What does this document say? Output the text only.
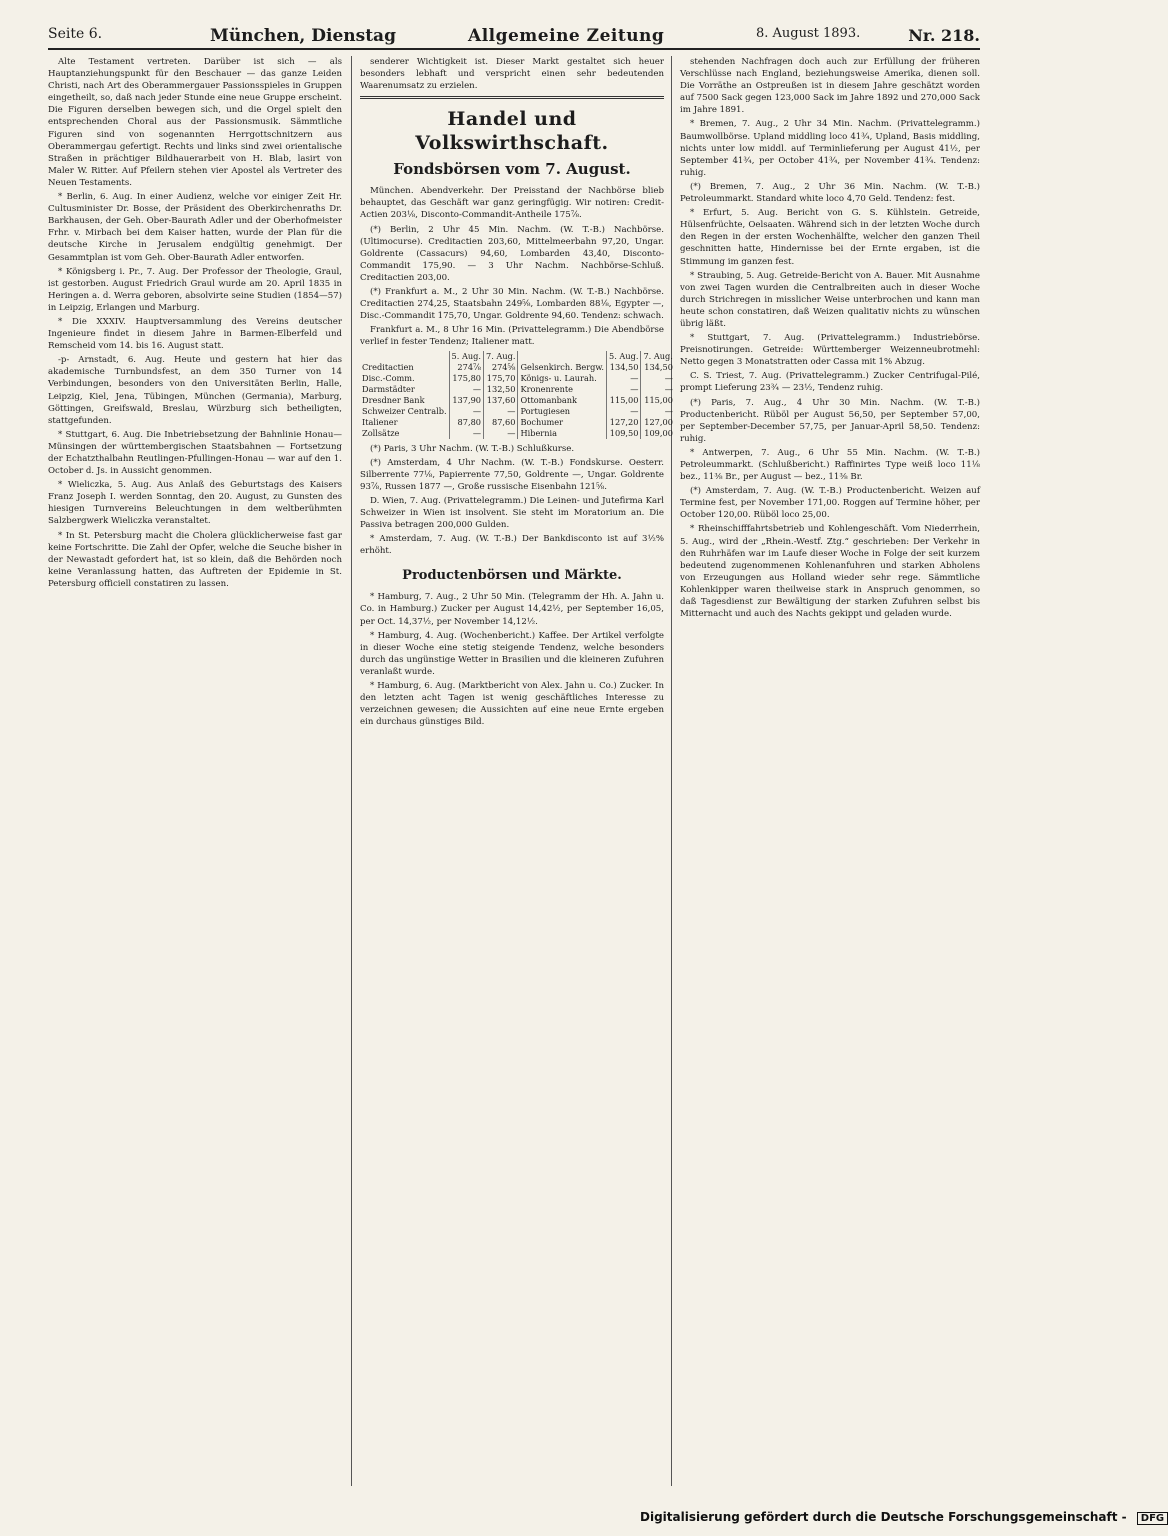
Seite 6.	München, Dienstag	Allgemeine Zeitung	8. August 1893.	Nr. 218.

Alte Testament vertreten. Darüber ist sich — als Hauptanziehungspunkt für den Beschauer — das ganze Leiden Christi, nach Art des Oberammergauer Passionsspieles in Gruppen eingetheilt, so, daß nach jeder Stunde eine neue Gruppe erscheint. Die Figuren derselben bewegen sich, und die Orgel spielt den entsprechenden Choral aus der Passionsmusik. Sämmtliche Figuren sind von sogenannten Herrgottschnitzern aus Oberammergau gefertigt. Rechts und links sind zwei orientalische Straßen in prächtiger Bildhauerarbeit von H. Blab, lasirt von Maler W. Ritter. Auf Pfeilern stehen vier Apostel als Vertreter des Neuen Testaments.

* Berlin, 6. Aug. In einer Audienz, welche vor einiger Zeit Hr. Cultusminister Dr. Bosse, der Präsident des Oberkirchenraths Dr. Barkhausen, der Geh. Ober-Baurath Adler und der Oberhofmeister Frhr. v. Mirbach bei dem Kaiser hatten, wurde der Plan für die deutsche Kirche in Jerusalem endgültig genehmigt. Der Gesammtplan ist vom Geh. Ober-Baurath Adler entworfen.

* Königsberg i. Pr., 7. Aug. Der Professor der Theologie, Graul, ist gestorben. August Friedrich Graul wurde am 20. April 1835 in Heringen a. d. Werra geboren, absolvirte seine Studien (1854—57) in Leipzig, Erlangen und Marburg.

* Die XXXIV. Hauptversammlung des Vereins deutscher Ingenieure findet in diesem Jahre in Barmen-Elberfeld und Remscheid vom 14. bis 16. August statt.

-p- Arnstadt, 6. Aug. Heute und gestern hat hier das akademische Turnbundsfest, an dem 350 Turner von 14 Verbindungen, besonders von den Universitäten Berlin, Halle, Leipzig, Kiel, Jena, Tübingen, München (Germania), Marburg, Göttingen, Greifswald, Breslau, Würzburg sich betheiligten, stattgefunden.

* Stuttgart, 6. Aug. Die Inbetriebsetzung der Bahnlinie Honau—Münsingen der württembergischen Staatsbahnen — Fortsetzung der Echatzthalbahn Reutlingen-Pfullingen-Honau — war auf den 1. October d. Js. in Aussicht genommen.

* Wieliczka, 5. Aug. Aus Anlaß des Geburtstags des Kaisers Franz Joseph I. werden Sonntag, den 20. August, zu Gunsten des hiesigen Turnvereins Beleuchtungen in dem weltberühmten Salzbergwerk Wieliczka veranstaltet.

* In St. Petersburg macht die Cholera glücklicherweise fast gar keine Fortschritte. Die Zahl der Opfer, welche die Seuche bisher in der Newastadt gefordert hat, ist so klein, daß die Behörden noch keine Veranlassung hatten, das Auftreten der Epidemie in St. Petersburg officiell constatiren zu lassen.

senderer Wichtigkeit ist. Dieser Markt gestaltet sich heuer besonders lebhaft und verspricht einen sehr bedeutenden Waarenumsatz zu erzielen.

Handel und Volkswirthschaft.
Fondsbörsen vom 7. August.

München. Abendverkehr. Der Preisstand der Nachbörse blieb behauptet, das Geschäft war ganz geringfügig. Wir notiren: Credit-Actien 203⅛, Disconto-Commandit-Antheile 175⅞.

(*) Berlin, 2 Uhr 45 Min. Nachm. (W. T.-B.) Nachbörse. (Ultimocurse). Creditactien 203,60, Mittelmeerbahn 97,20, Ungar. Goldrente (Cassacurs) 94,60, Lombarden 43,40, Disconto-Commandit 175,90. — 3 Uhr Nachm. Nachbörse-Schluß. Creditactien 203,00.

(*) Frankfurt a. M., 2 Uhr 30 Min. Nachm. (W. T.-B.) Nachbörse. Creditactien 274,25, Staatsbahn 249⅝, Lombarden 88⅛, Egypter —, Disc.-Commandit 175,70, Ungar. Goldrente 94,60. Tendenz: schwach.

Frankfurt a. M., 8 Uhr 16 Min. (Privattelegramm.) Die Abendbörse verlief in fester Tendenz; Italiener matt.

	5. Aug.	7. Aug.		5. Aug.	7. Aug.
Creditactien	274⅞	274⅝	Gelsenkirch. Bergw.	134,50	134,50
Disc.-Comm.	175,80	175,70	Königs- u. Laurah.	—	—
Darmstädter	—	132,50	Kronenrente	—	—
Dresdner Bank	137,90	137,60	Ottomanbank	115,00	115,00
Schweizer Centralb.	—	—	Portugiesen	—	—
Italiener	87,80	87,60	Bochumer	127,20	127,00
Zollsätze	—	—	Hibernia	109,50	109,00

(*) Paris, 3 Uhr Nachm. (W. T.-B.) Schlußkurse.

(*) Amsterdam, 4 Uhr Nachm. (W. T.-B.) Fondskurse. Oesterr. Silberrente 77⅛, Papierrente 77,50, Goldrente —, Ungar. Goldrente 93⅞, Russen 1877 —, Große russische Eisenbahn 121⅝.

D. Wien, 7. Aug. (Privattelegramm.) Die Leinen- und Jutefirma Karl Schweizer in Wien ist insolvent. Sie steht im Moratorium an. Die Passiva betragen 200,000 Gulden.

* Amsterdam, 7. Aug. (W. T.-B.) Der Bankdisconto ist auf 3½% erhöht.

Productenbörsen und Märkte.

* Hamburg, 7. Aug., 2 Uhr 50 Min. (Telegramm der Hh. A. Jahn u. Co. in Hamburg.) Zucker per August 14,42½, per September 16,05, per Oct. 14,37½, per November 14,12½.

* Hamburg, 4. Aug. (Wochenbericht.) Kaffee. Der Artikel verfolgte in dieser Woche eine stetig steigende Tendenz, welche besonders durch das ungünstige Wetter in Brasilien und die kleineren Zufuhren veranlaßt wurde.

* Hamburg, 6. Aug. (Marktbericht von Alex. Jahn u. Co.) Zucker. In den letzten acht Tagen ist wenig geschäftliches Interesse zu verzeichnen gewesen; die Aussichten auf eine neue Ernte ergeben ein durchaus günstiges Bild.

stehenden Nachfragen doch auch zur Erfüllung der früheren Verschlüsse nach England, beziehungsweise Amerika, dienen soll. Die Vorräthe an Ostpreußen ist in diesem Jahre geschätzt worden auf 7500 Sack gegen 123,000 Sack im Jahre 1892 und 270,000 Sack im Jahre 1891.

* Bremen, 7. Aug., 2 Uhr 34 Min. Nachm. (Privattelegramm.) Baumwollbörse. Upland middling loco 41¾, Upland, Basis middling, nichts unter low middl. auf Terminlieferung per August 41½, per September 41¾, per October 41¾, per November 41¾. Tendenz: ruhig.

(*) Bremen, 7. Aug., 2 Uhr 36 Min. Nachm. (W. T.-B.) Petroleummarkt. Standard white loco 4,70 Geld. Tendenz: fest.

* Erfurt, 5. Aug. Bericht von G. S. Kühlstein. Getreide, Hülsenfrüchte, Oelsaaten. Während sich in der letzten Woche durch den Regen in der ersten Wochenhälfte, welcher den ganzen Theil geschnitten hatte, Hindernisse bei der Ernte ergaben, ist die Stimmung im ganzen fest.

* Straubing, 5. Aug. Getreide-Bericht von A. Bauer. Mit Ausnahme von zwei Tagen wurden die Centralbreiten auch in dieser Woche durch Strichregen in misslicher Weise unterbrochen und kann man heute schon constatiren, daß Weizen qualitativ nichts zu wünschen übrig läßt.

* Stuttgart, 7. Aug. (Privattelegramm.) Industriebörse. Preisnotirungen. Getreide: Württemberger Weizenneubrotmehl: Netto gegen 3 Monatstratten oder Cassa mit 1% Abzug.

C. S. Triest, 7. Aug. (Privattelegramm.) Zucker Centrifugal-Pilé, prompt Lieferung 23¾ — 23½, Tendenz ruhig.

(*) Paris, 7. Aug., 4 Uhr 30 Min. Nachm. (W. T.-B.) Productenbericht. Rüböl per August 56,50, per September 57,00, per September-December 57,75, per Januar-April 58,50. Tendenz: ruhig.

* Antwerpen, 7. Aug., 6 Uhr 55 Min. Nachm. (W. T.-B.) Petroleummarkt. (Schlußbericht.) Raffinirtes Type weiß loco 11⅛ bez., 11⅜ Br., per August — bez., 11⅜ Br.

(*) Amsterdam, 7. Aug. (W. T.-B.) Productenbericht. Weizen auf Termine fest, per November 171,00. Roggen auf Termine höher, per October 120,00. Rüböl loco 25,00.

* Rheinschifffahrtsbetrieb und Kohlengeschäft. Vom Niederrhein, 5. Aug., wird der „Rhein.-Westf. Ztg.“ geschrieben: Der Verkehr in den Ruhrhäfen war im Laufe dieser Woche in Folge der seit kurzem bedeutend zugenommenen Kohlenanfuhren und starken Abholens von Erzeugungen aus Holland wieder sehr rege. Sämmtliche Kohlenkipper waren theilweise stark in Anspruch genommen, so daß Tagesdienst zur Bewältigung der starken Zufuhren selbst bis Mitternacht und auch des Nachts gekippt und geladen wurde.

Digitalisierung gefördert durch die Deutsche Forschungsgemeinschaft - DFG
